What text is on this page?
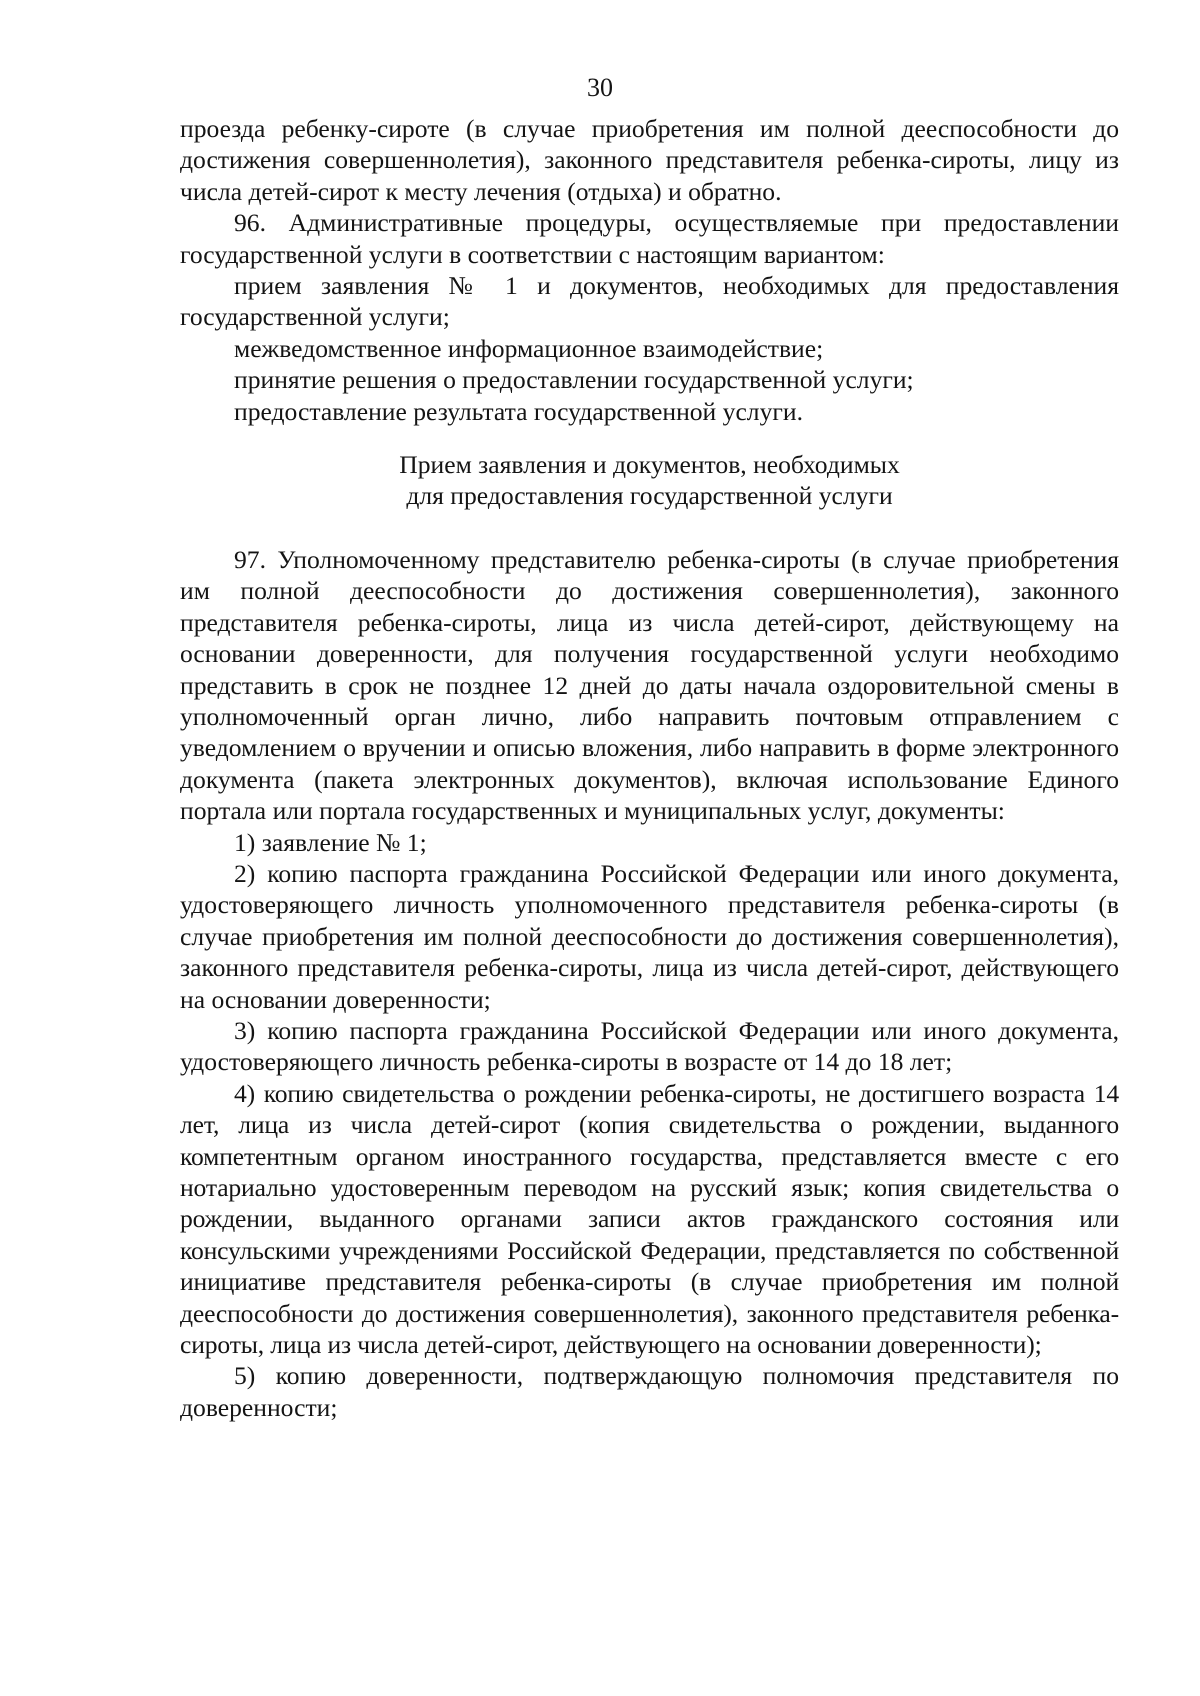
30

проезда ребенку-сироте (в случае приобретения им полной дееспособности до достижения совершеннолетия), законного представителя ребенка-сироты, лицу из числа детей-сирот к месту лечения (отдыха) и обратно.

96. Административные процедуры, осуществляемые при предоставлении государственной услуги в соответствии с настоящим вариантом:

прием заявления № 1 и документов, необходимых для предоставления государственной услуги;

межведомственное информационное взаимодействие;

принятие решения о предоставлении государственной услуги;

предоставление результата государственной услуги.

Прием заявления и документов, необходимых
для предоставления государственной услуги

97. Уполномоченному представителю ребенка-сироты (в случае приобретения им полной дееспособности до достижения совершеннолетия), законного представителя ребенка-сироты, лица из числа детей-сирот, действующему на основании доверенности, для получения государственной услуги необходимо представить в срок не позднее 12 дней до даты начала оздоровительной смены в уполномоченный орган лично, либо направить почтовым отправлением с уведомлением о вручении и описью вложения, либо направить в форме электронного документа (пакета электронных документов), включая использование Единого портала или портала государственных и муниципальных услуг, документы:

1) заявление № 1;

2) копию паспорта гражданина Российской Федерации или иного документа, удостоверяющего личность уполномоченного представителя ребенка-сироты (в случае приобретения им полной дееспособности до достижения совершеннолетия), законного представителя ребенка-сироты, лица из числа детей-сирот, действующего на основании доверенности;

3) копию паспорта гражданина Российской Федерации или иного документа, удостоверяющего личность ребенка-сироты в возрасте от 14 до 18 лет;

4) копию свидетельства о рождении ребенка-сироты, не достигшего возраста 14 лет, лица из числа детей-сирот (копия свидетельства о рождении, выданного компетентным органом иностранного государства, представляется вместе с его нотариально удостоверенным переводом на русский язык; копия свидетельства о рождении, выданного органами записи актов гражданского состояния или консульскими учреждениями Российской Федерации, представляется по собственной инициативе представителя ребенка-сироты (в случае приобретения им полной дееспособности до достижения совершеннолетия), законного представителя ребенка-сироты, лица из числа детей-сирот, действующего на основании доверенности);

5) копию доверенности, подтверждающую полномочия представителя по доверенности;
